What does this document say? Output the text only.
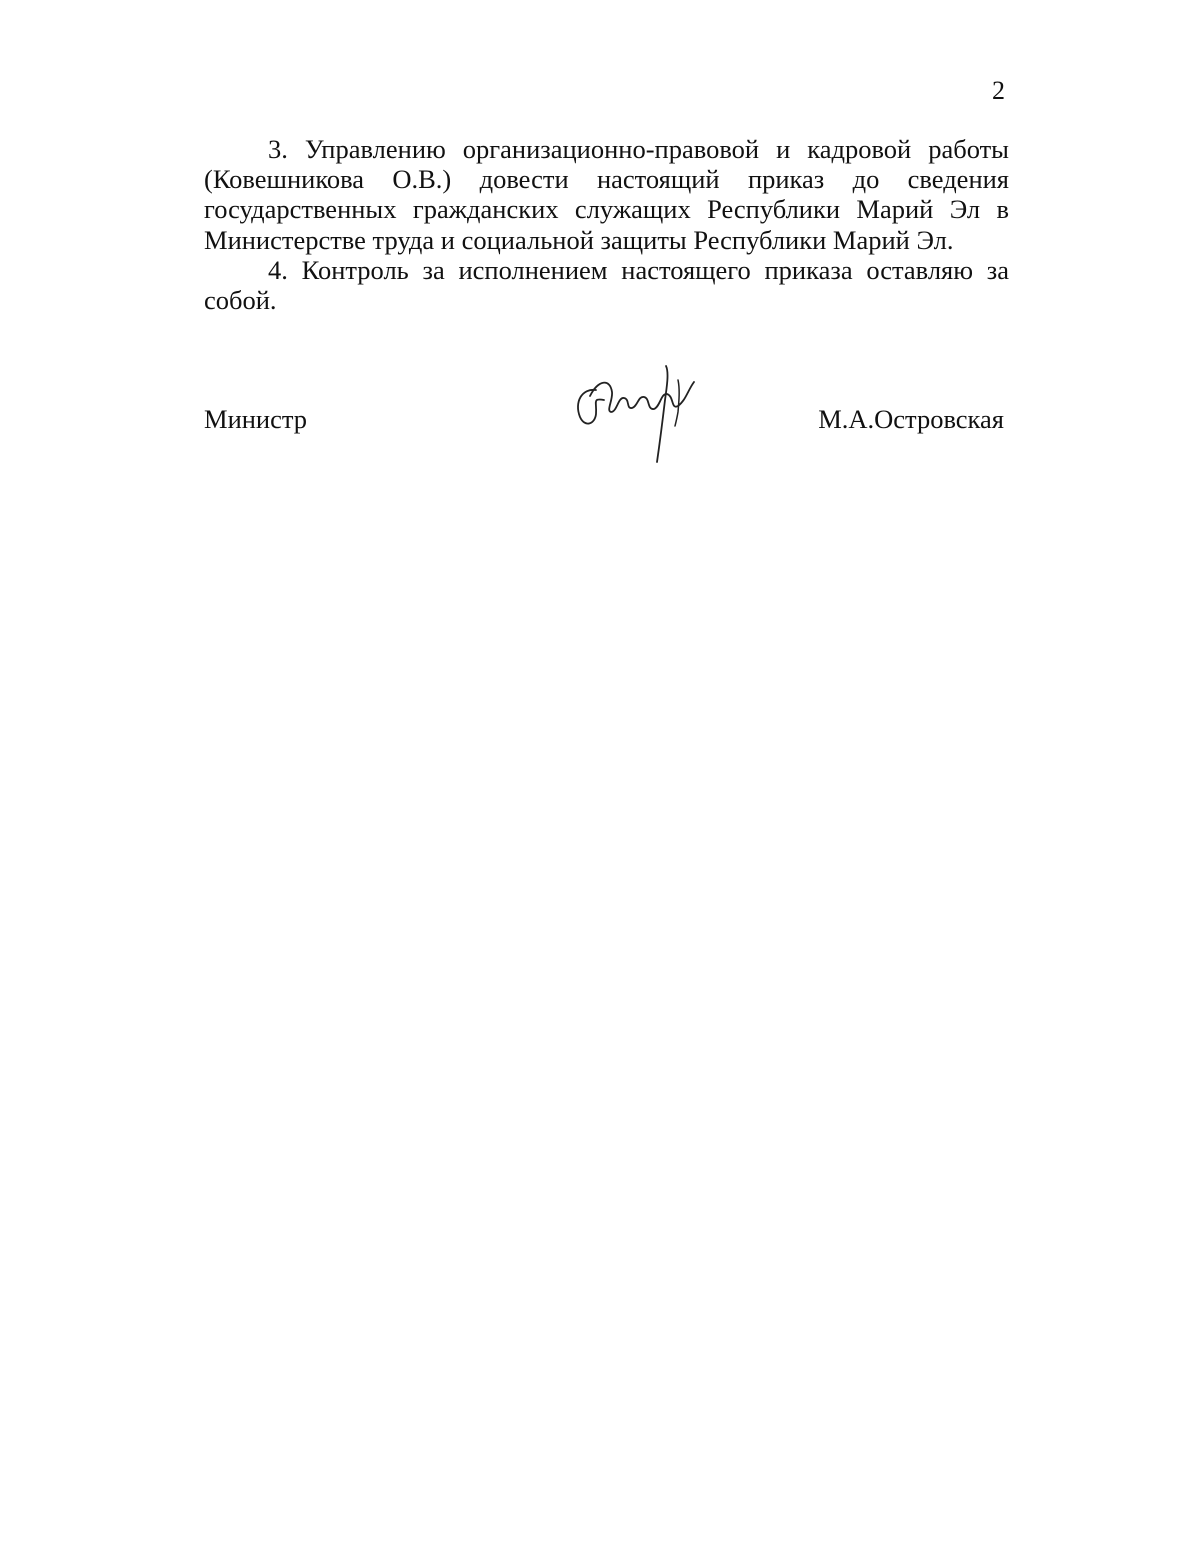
2

3. Управлению организационно-правовой и кадровой работы (Ковешникова О.В.) довести настоящий приказ до сведения государственных гражданских служащих Республики Марий Эл в Министерстве труда и социальной защиты Республики Марий Эл.

4. Контроль за исполнением настоящего приказа оставляю за собой.

Министр	М.А.Островская
